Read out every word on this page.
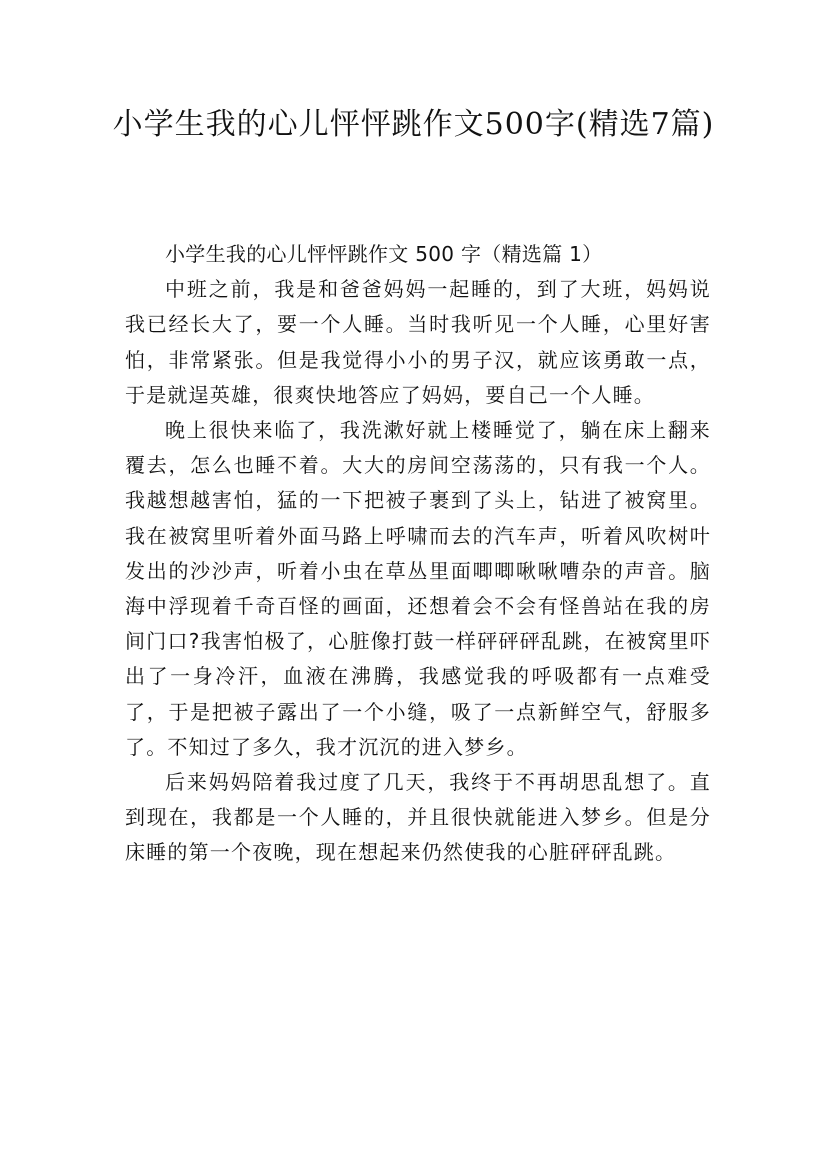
小学生我的心儿怦怦跳作文500字(精选7篇)

小学生我的心儿怦怦跳作文 500 字（精选篇 1）

中班之前，我是和爸爸妈妈一起睡的，到了大班，妈妈说我已经长大了，要一个人睡。当时我听见一个人睡，心里好害怕，非常紧张。但是我觉得小小的男子汉，就应该勇敢一点，于是就逞英雄，很爽快地答应了妈妈，要自己一个人睡。

晚上很快来临了，我洗漱好就上楼睡觉了，躺在床上翻来覆去，怎么也睡不着。大大的房间空荡荡的，只有我一个人。我越想越害怕，猛的一下把被子裹到了头上，钻进了被窝里。我在被窝里听着外面马路上呼啸而去的汽车声，听着风吹树叶发出的沙沙声，听着小虫在草丛里面唧唧啾啾嘈杂的声音。脑海中浮现着千奇百怪的画面，还想着会不会有怪兽站在我的房间门口?我害怕极了，心脏像打鼓一样砰砰砰乱跳，在被窝里吓出了一身冷汗，血液在沸腾，我感觉我的呼吸都有一点难受了，于是把被子露出了一个小缝，吸了一点新鲜空气，舒服多了。不知过了多久，我才沉沉的进入梦乡。

后来妈妈陪着我过度了几天，我终于不再胡思乱想了。直到现在，我都是一个人睡的，并且很快就能进入梦乡。但是分床睡的第一个夜晚，现在想起来仍然使我的心脏砰砰乱跳。
